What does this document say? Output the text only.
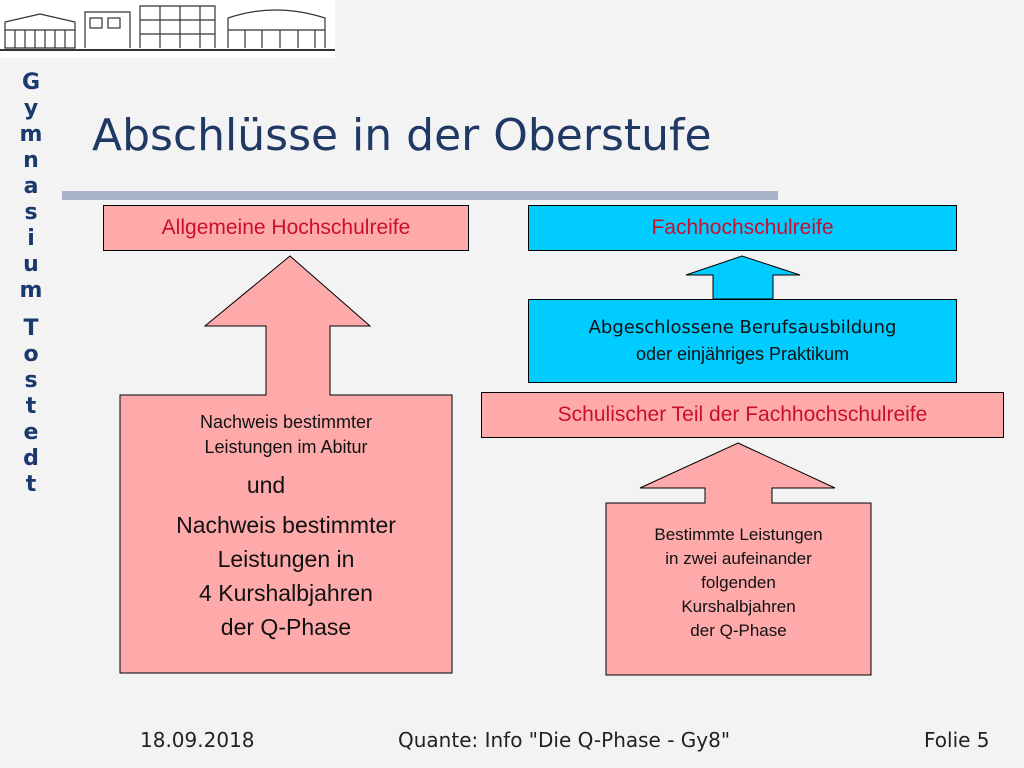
G
y
m
n
a
s
i
u
m
T
o
s
t
e
d
t
Abschlüsse in der Oberstufe
Allgemeine Hochschulreife
Nachweis bestimmter
Leistungen im Abitur
und
Nachweis bestimmter
Leistungen in
4 Kurshalbjahren
der Q-Phase
Fachhochschulreife
Abgeschlossene Berufsausbildung
oder einjähriges Praktikum
Schulischer Teil der Fachhochschulreife
Bestimmte Leistungen
in zwei aufeinander
folgenden
Kurshalbjahren
der Q-Phase
18.09.2018	Quante: Info "Die Q-Phase - Gy8"	Folie 5
